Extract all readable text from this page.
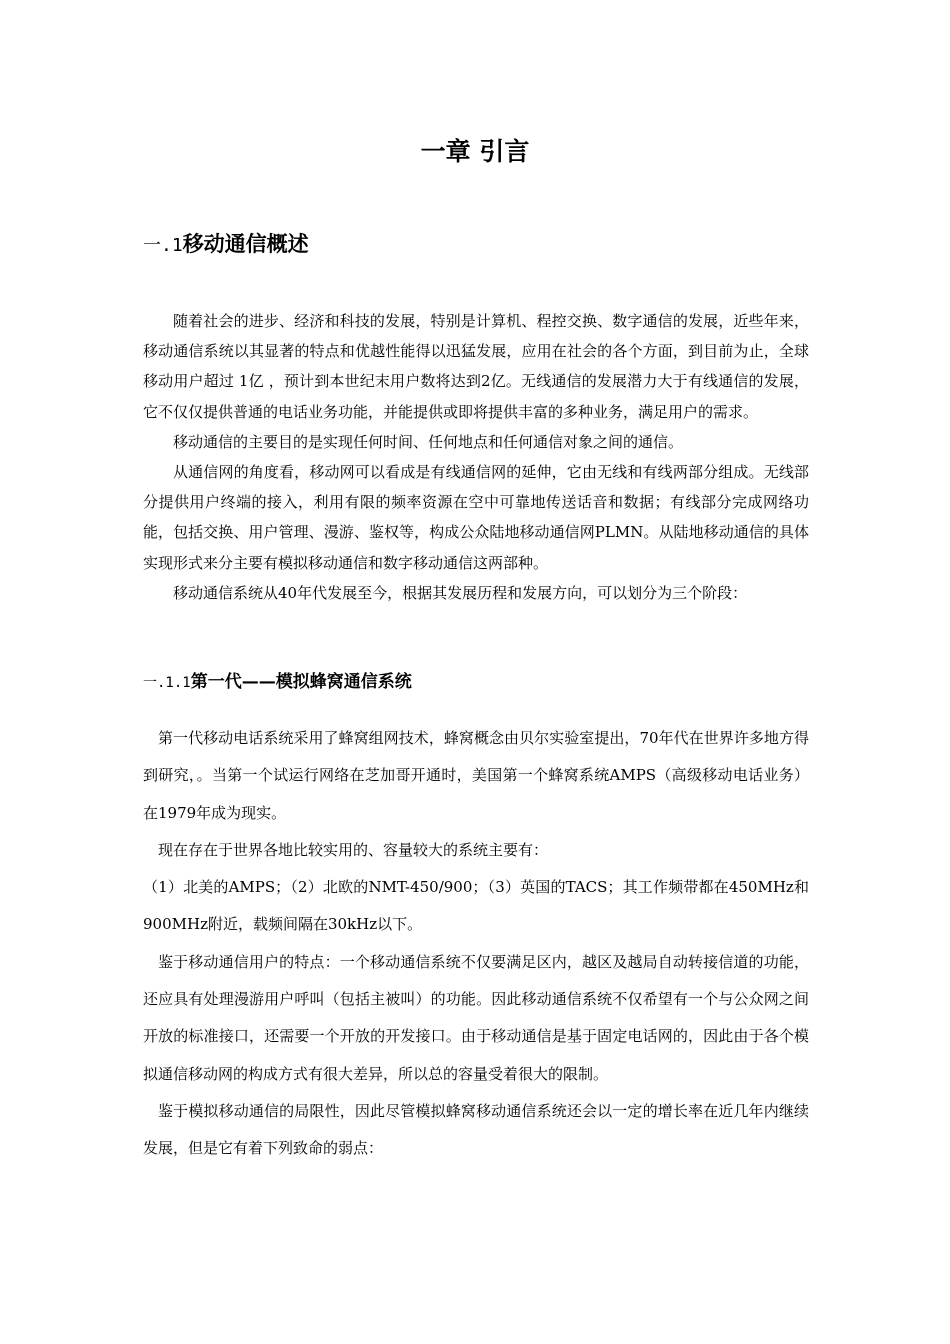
一章 引言
一.1移动通信概述

随着社会的进步、经济和科技的发展，特别是计算机、程控交换、数字通信的发展，近些年来，移动通信系统以其显著的特点和优越性能得以迅猛发展，应用在社会的各个方面，到目前为止，全球移动用户超过 1亿 ，预计到本世纪末用户数将达到2亿。无线通信的发展潜力大于有线通信的发展，它不仅仅提供普通的电话业务功能，并能提供或即将提供丰富的多种业务，满足用户的需求。

移动通信的主要目的是实现任何时间、任何地点和任何通信对象之间的通信。

从通信网的角度看，移动网可以看成是有线通信网的延伸，它由无线和有线两部分组成。无线部分提供用户终端的接入，利用有限的频率资源在空中可靠地传送话音和数据；有线部分完成网络功能，包括交换、用户管理、漫游、鉴权等，构成公众陆地移动通信网PLMN。从陆地移动通信的具体实现形式来分主要有模拟移动通信和数字移动通信这两部种。

移动通信系统从40年代发展至今，根据其发展历程和发展方向，可以划分为三个阶段：

一.1.1第一代——模拟蜂窝通信系统

第一代移动电话系统采用了蜂窝组网技术，蜂窝概念由贝尔实验室提出，70年代在世界许多地方得到研究，。当第一个试运行网络在芝加哥开通时，美国第一个蜂窝系统AMPS（高级移动电话业务）在1979年成为现实。

现在存在于世界各地比较实用的、容量较大的系统主要有：

（1）北美的AMPS；（2）北欧的NMT-450/900；（3）英国的TACS；其工作频带都在450MHz和900MHz附近，载频间隔在30kHz以下。

鉴于移动通信用户的特点：一个移动通信系统不仅要满足区内，越区及越局自动转接信道的功能，还应具有处理漫游用户呼叫（包括主被叫）的功能。因此移动通信系统不仅希望有一个与公众网之间开放的标准接口，还需要一个开放的开发接口。由于移动通信是基于固定电话网的，因此由于各个模拟通信移动网的构成方式有很大差异，所以总的容量受着很大的限制。

鉴于模拟移动通信的局限性，因此尽管模拟蜂窝移动通信系统还会以一定的增长率在近几年内继续发展，但是它有着下列致命的弱点：
